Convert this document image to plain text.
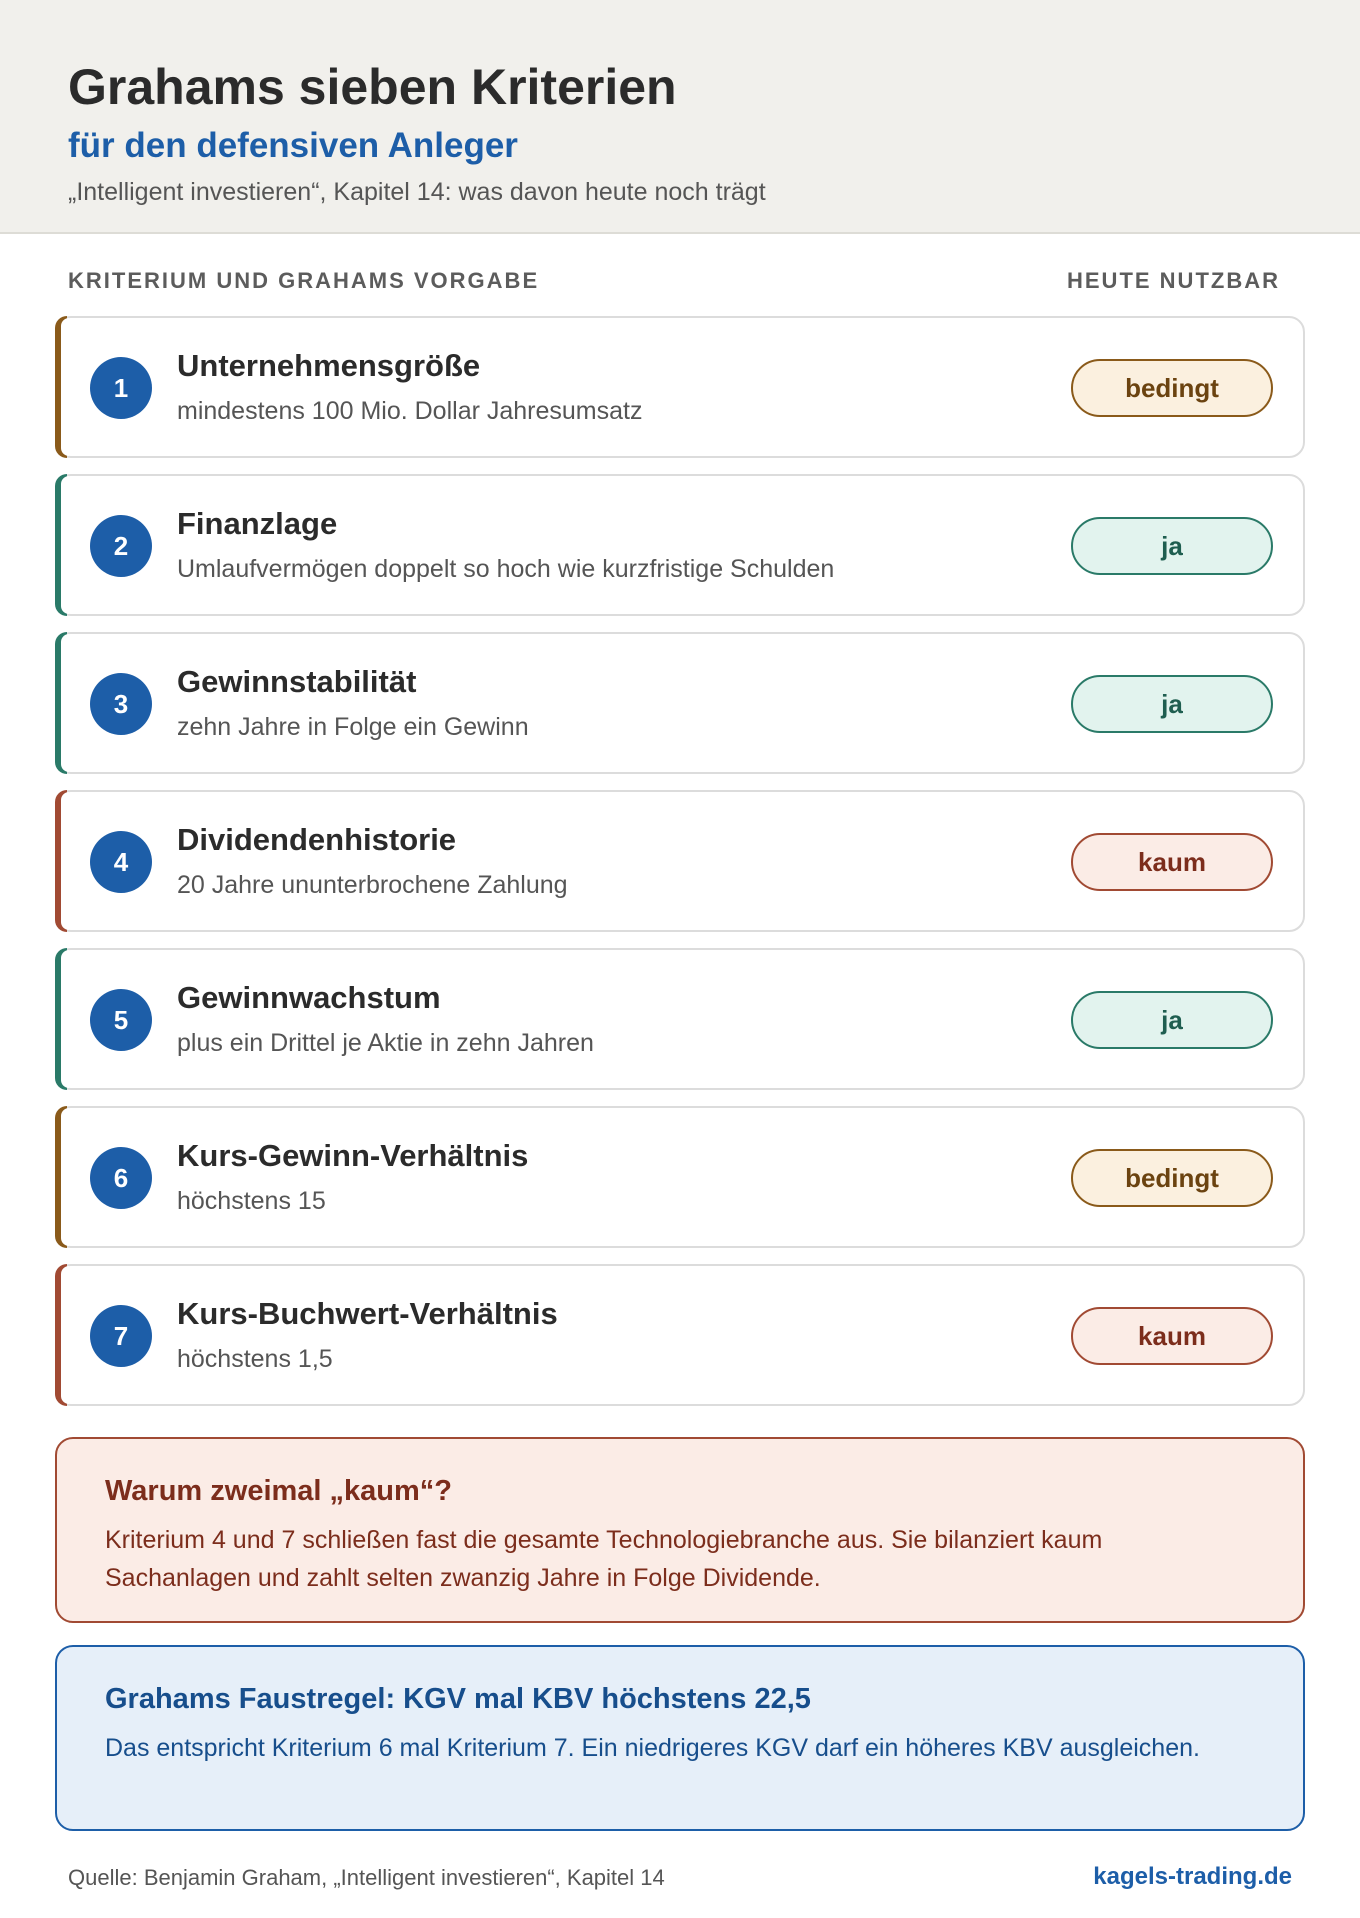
Grahams sieben Kriterien
für den defensiven Anleger
„Intelligent investieren“, Kapitel 14: was davon heute noch trägt
KRITERIUM UND GRAHAMS VORGABE	HEUTE NUTZBAR
1
Unternehmensgröße
mindestens 100 Mio. Dollar Jahresumsatz
bedingt
2
Finanzlage
Umlaufvermögen doppelt so hoch wie kurzfristige Schulden
ja
3
Gewinnstabilität
zehn Jahre in Folge ein Gewinn
ja
4
Dividendenhistorie
20 Jahre ununterbrochene Zahlung
kaum
5
Gewinnwachstum
plus ein Drittel je Aktie in zehn Jahren
ja
6
Kurs-Gewinn-Verhältnis
höchstens 15
bedingt
7
Kurs-Buchwert-Verhältnis
höchstens 1,5
kaum
Warum zweimal „kaum“?
Kriterium 4 und 7 schließen fast die gesamte Technologiebranche aus. Sie bilanziert kaum Sachanlagen und zahlt selten zwanzig Jahre in Folge Dividende.
Grahams Faustregel: KGV mal KBV höchstens 22,5
Das entspricht Kriterium 6 mal Kriterium 7. Ein niedrigeres KGV darf ein höheres KBV ausgleichen.
Quelle: Benjamin Graham, „Intelligent investieren“, Kapitel 14	kagels-trading.de
